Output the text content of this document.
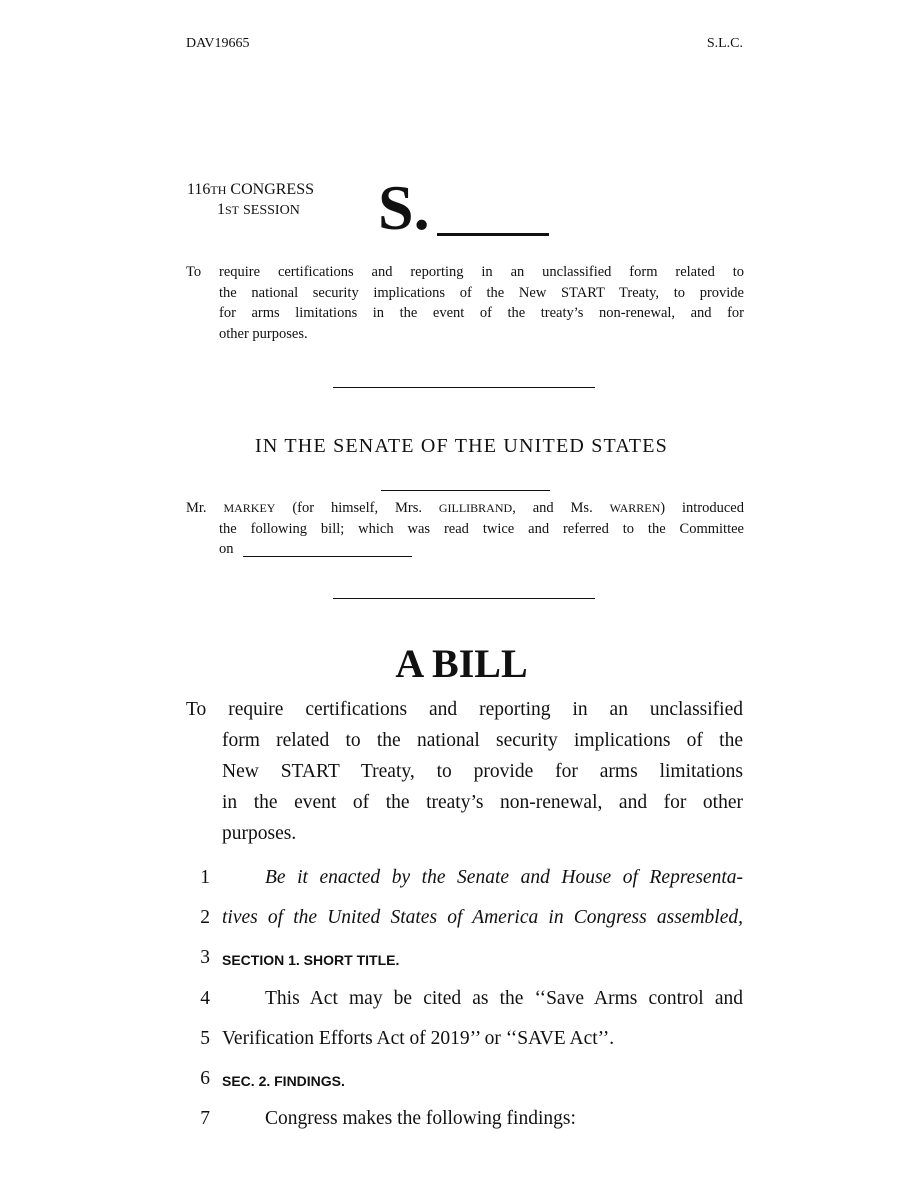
DAV19665	S.L.C.
116TH CONGRESS
1ST SESSION S.
To require certifications and reporting in an unclassified form related to
the national security implications of the New START Treaty, to provide
for arms limitations in the event of the treaty’s non-renewal, and for
other purposes.
IN THE SENATE OF THE UNITED STATES
Mr. MARKEY (for himself, Mrs. GILLIBRAND, and Ms. WARREN) introduced
the following bill; which was read twice and referred to the Committee
on
A BILL
To require certifications and reporting in an unclassified
form related to the national security implications of the
New START Treaty, to provide for arms limitations
in the event of the treaty’s non-renewal, and for other
purposes.
1	Be it enacted by the Senate and House of Representa-
2 tives of the United States of America in Congress assembled,
3 SECTION 1. SHORT TITLE.
4	This Act may be cited as the ‘‘Save Arms control and
5 Verification Efforts Act of 2019’’ or ‘‘SAVE Act’’.
6 SEC. 2. FINDINGS.
7	Congress makes the following findings:
